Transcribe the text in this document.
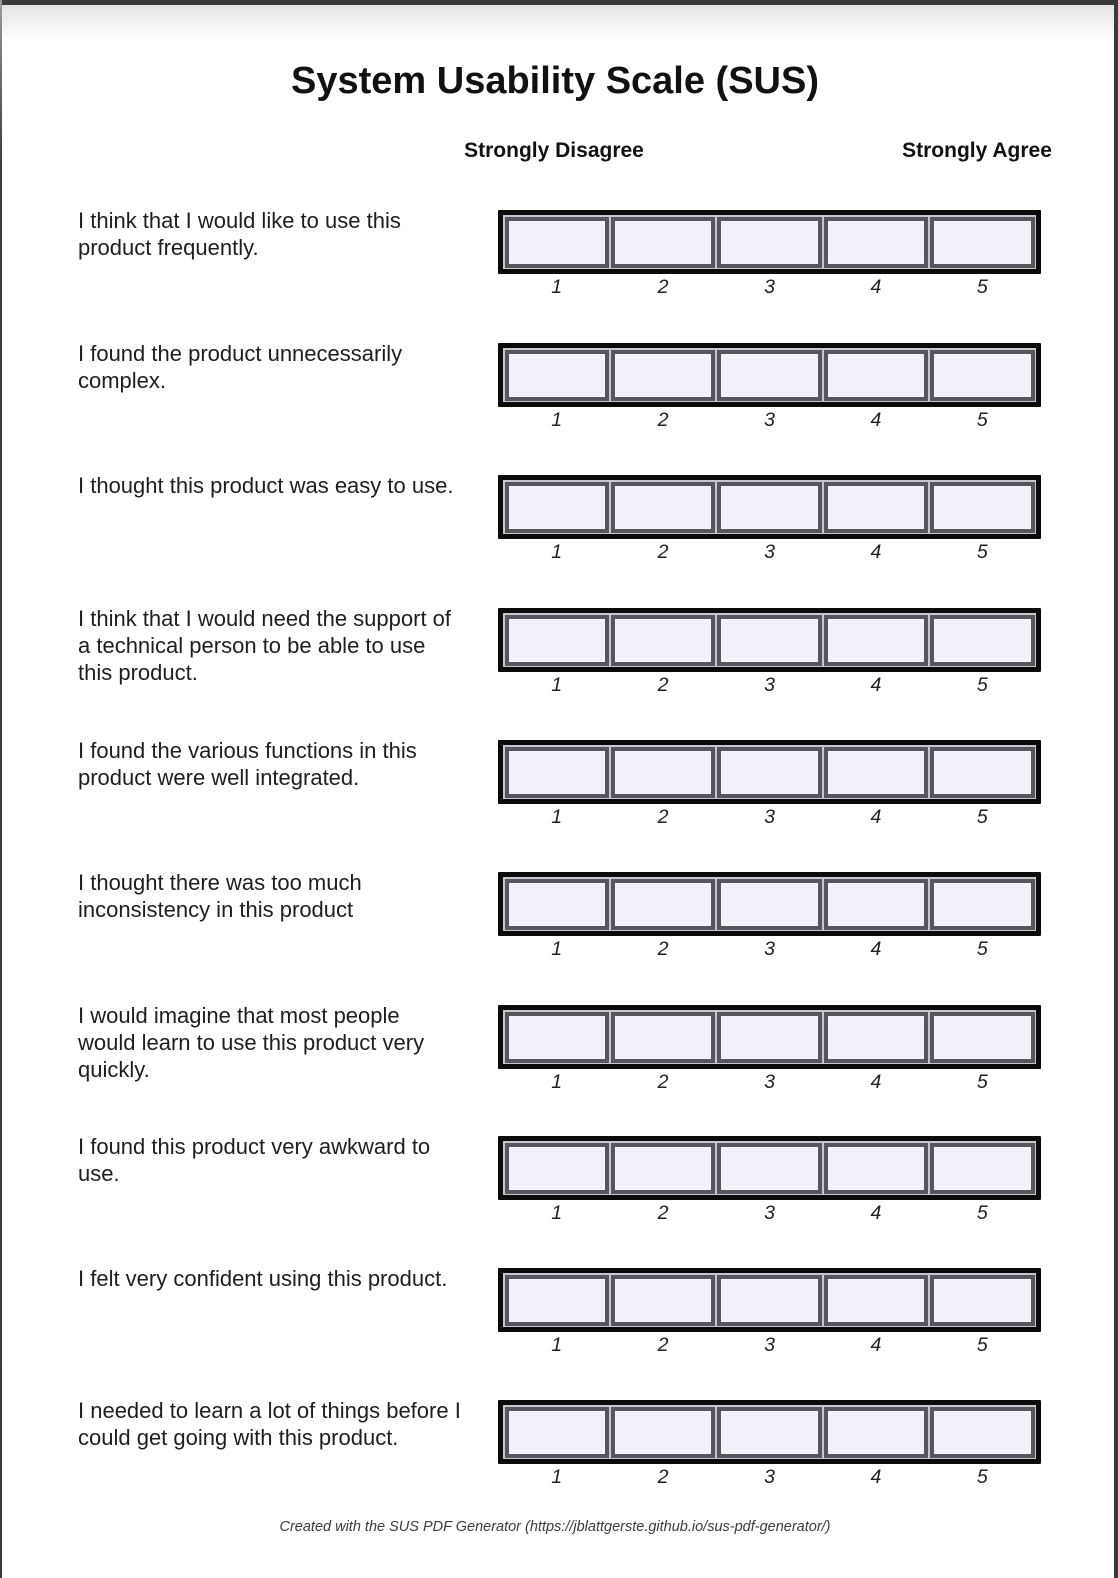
System Usability Scale (SUS)
Strongly Disagree	Strongly Agree
I think that I would like to use this product frequently.
1	2	3	4	5
I found the product unnecessarily complex.
1	2	3	4	5
I thought this product was easy to use.
1	2	3	4	5
I think that I would need the support of a technical person to be able to use this product.	1	2	3	4	5
I found the various functions in this product were well integrated.
1	2	3	4	5
I thought there was too much inconsistency in this product
1	2	3	4	5
I would imagine that most people would learn to use this product very quickly.	1	2	3	4	5
I found this product very awkward to use.
1	2	3	4	5
I felt very confident using this product.
1	2	3	4	5
I needed to learn a lot of things before I could get going with this product.
1	2	3	4	5
Created with the SUS PDF Generator (https://jblattgerste.github.io/sus-pdf-generator/)
